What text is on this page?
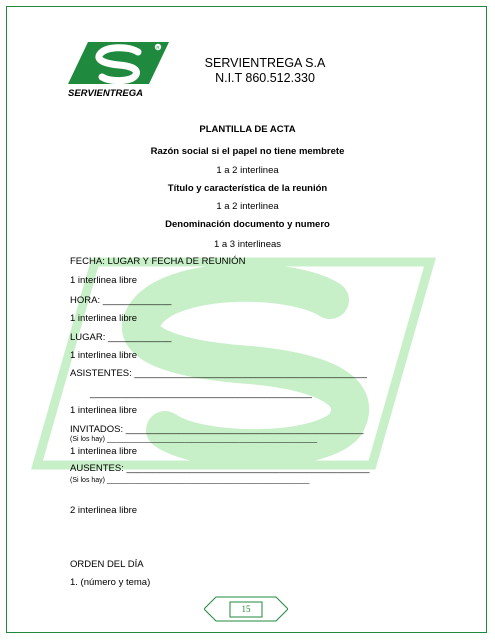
R
SERVIENTREGA
SERVIENTREGA S.A
N.I.T 860.512.330
PLANTILLA DE ACTA
Razón social si el papel no tiene membrete
1 a 2 interlinea
Título y característica de la reunión
1 a 2 interlinea
Denominación documento y numero
1 a 3 interlineas
FECHA: LUGAR Y FECHA DE REUNIÓN
1 interlinea libre
HORA: _____________
1 interlinea libre
LUGAR: ____________
1 interlinea libre
ASISTENTES: ____________________________________________
__________________________________________
1 interlinea libre
INVITADOS: _____________________________________________
(Si los hay) ______________________________________________________
1 interlinea libre
AUSENTES: ______________________________________________
(Si los hay) ____________________________________________________
2 interlinea libre
ORDEN DEL DÍA
1. (número y tema)
15
